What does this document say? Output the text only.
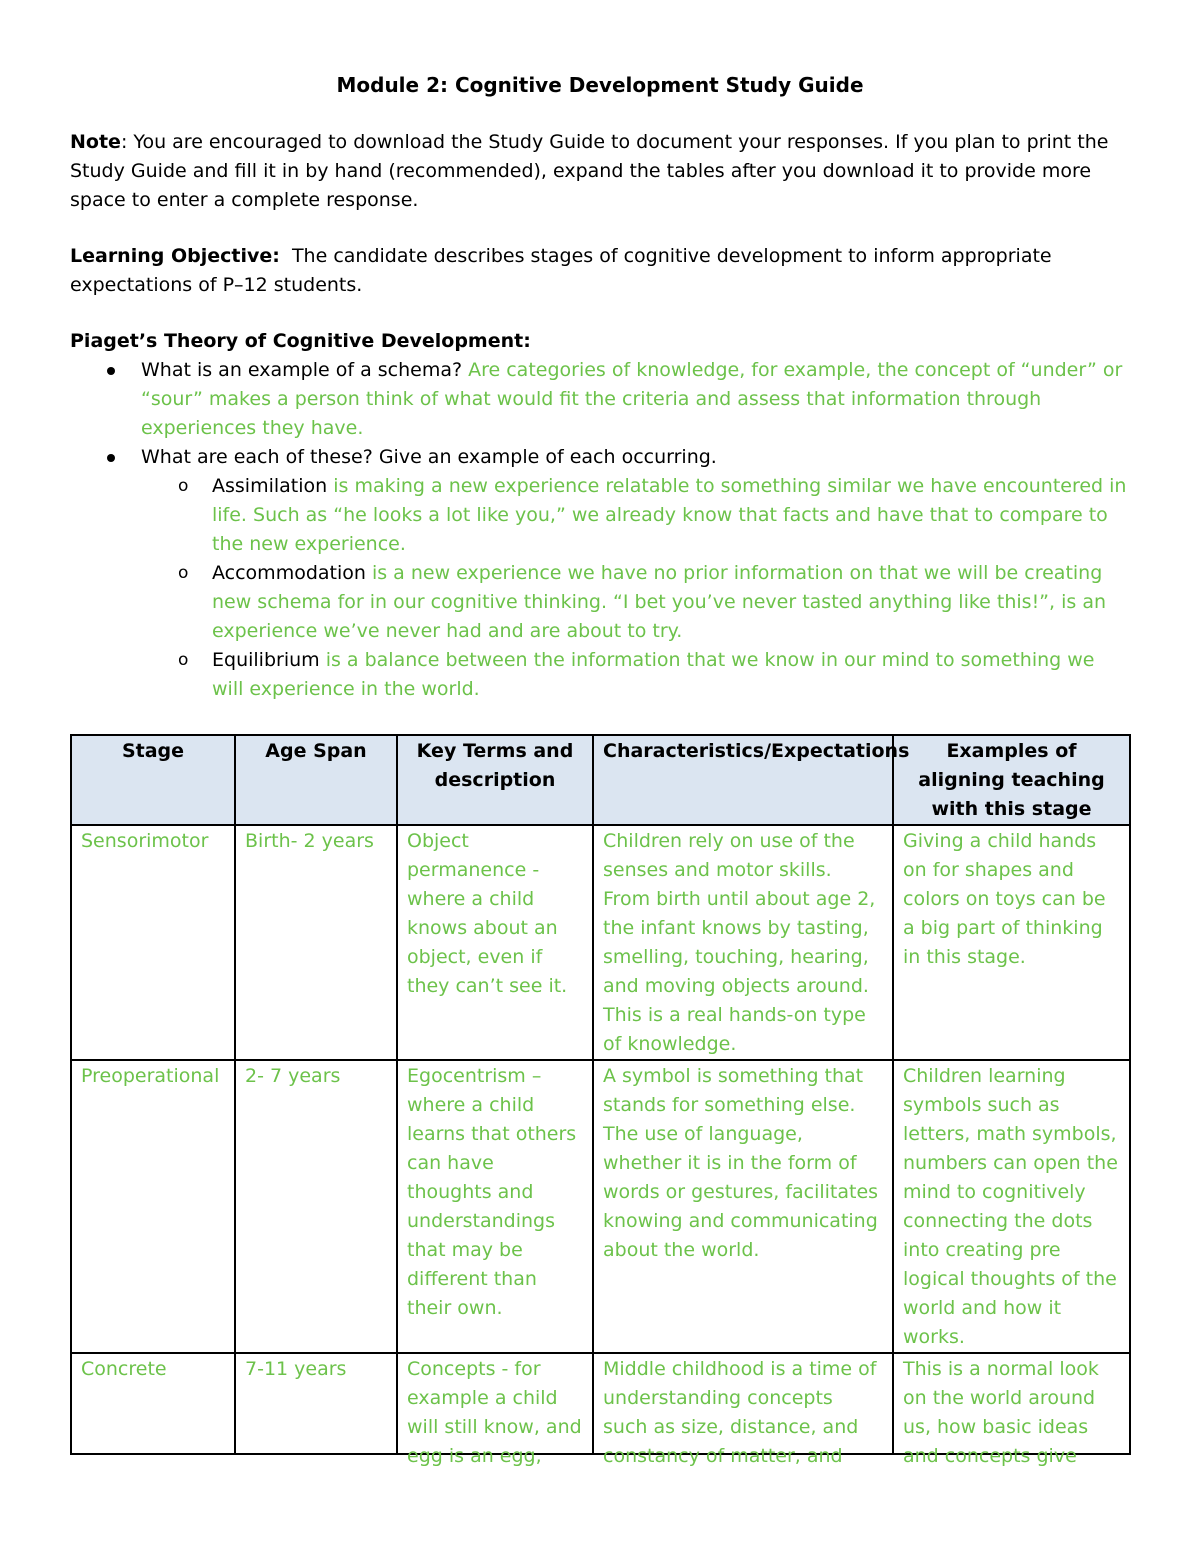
Module 2: Cognitive Development Study Guide

Note: You are encouraged to download the Study Guide to document your responses. If you plan to print the Study Guide and fill it in by hand (recommended), expand the tables after you download it to provide more space to enter a complete response.

Learning Objective:  The candidate describes stages of cognitive development to inform appropriate expectations of P–12 students.

Piaget’s Theory of Cognitive Development:

What is an example of a schema? Are categories of knowledge, for example, the concept of “under” or “sour” makes a person think of what would fit the criteria and assess that information through experiences they have.
What are each of these? Give an example of each occurring.
o Assimilation is making a new experience relatable to something similar we have encountered in life. Such as “he looks a lot like you,” we already know that facts and have that to compare to the new experience.
o Accommodation is a new experience we have no prior information on that we will be creating new schema for in our cognitive thinking. “I bet you’ve never tasted anything like this!”, is an experience we’ve never had and are about to try.
o Equilibrium is a balance between the information that we know in our mind to something we will experience in the world.
Stage	Age Span	Key Terms and description	Characteristics/Expectations	Examples of aligning teaching with this stage
Sensorimotor	Birth- 2 years	Object permanence - where a child knows about an object, even if they can’t see it.	Children rely on use of the senses and motor skills. From birth until about age 2, the infant knows by tasting, smelling, touching, hearing, and moving objects around. This is a real hands-on type of knowledge.	Giving a child hands on for shapes and colors on toys can be a big part of thinking in this stage.
Preoperational	2- 7 years	Egocentrism – where a child learns that others can have thoughts and understandings that may be different than their own.	A symbol is something that stands for something else. The use of language, whether it is in the form of words or gestures, facilitates knowing and communicating about the world.	Children learning symbols such as letters, math symbols, numbers can open the mind to cognitively connecting the dots into creating pre logical thoughts of the world and how it works.

Concrete	7-11 years	Concepts - for example a child will still know, and egg is an egg,	Middle childhood is a time of understanding concepts such as size, distance, and constancy of matter, and	This is a normal look on the world around us, how basic ideas and concepts give
